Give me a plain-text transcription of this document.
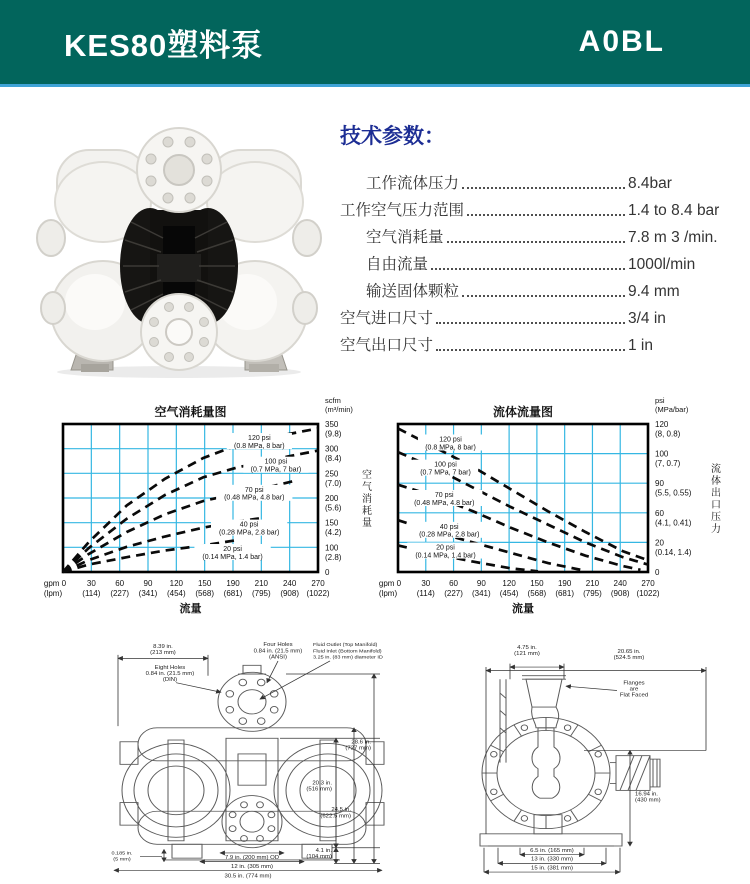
KES80塑料泵	A0BL
技术参数：
工作流体压力	8.4bar
工作空气压力范围	1.4 to 8.4 bar
空气消耗量	7.8 m 3 /min.
自由流量	1000l/min
输送固体颗粒	9.4 mm
空气进口尺寸	3/4 in
空气出口尺寸	1 in
120 psi
(0.8 MPa, 8 bar)
100 psi
(0.7 MPa, 7 bar)
70 psi
(0.48 MPa, 4.8 bar)
40 psi
(0.28 MPa, 2.8 bar)
20 psi
(0.14 MPa, 1.4 bar)
350
(9.8)
300
(8.4)
250
(7.0)
200
(5.6)
150
(4.2)
100
(2.8)
0
scfm
(m³/min)
空
气
消
耗
量
gpm 0
(lpm)
30
(114)
60
(227)
90
(341)
120
(454)
150
(568)
190
(681)
210
(795)
240
(908)
270
(1022)
流量
空气消耗量图
120 psi
(0.8 MPa, 8 bar)
100 psi
(0.7 MPa, 7 bar)
70 psi
(0.48 MPa, 4.8 bar)
40 psi
(0.28 MPa, 2.8 bar)
20 psi
(0.14 MPa, 1.4 bar)
120
(8, 0.8)
100
(7, 0.7)
90
(5.5, 0.55)
60
(4.1, 0.41)
20
(0.14, 1.4)
0
psi
(MPa/bar)
流
体
出
口
压
力
gpm 0
(lpm)
30
(114)
60
(227)
90
(341)
120
(454)
150
(568)
190
(681)
210
(795)
240
(908)
270
(1022)
流量
流体流量图
8.39 in.
(213 mm)
Four Holes
0.84 in. (21.5 mm)
(ANSI)
Eight Holes
0.84 in. (21.5 mm)
(DIN)
0.185 in.
(5 mm)	7.9 in. (200 mm) OD
12 in. (305 mm)
30.5 in. (774 mm)
Fluid Outlet (Top Manifold)
Fluid Inlet (Bottom Manifold)
3.25 in. (83 mm) diameter ID
20.3 in.
(516 mm)
24.5 in.
(622.5 mm)
28.6 in.
(727 mm)
4.1 in.
(104 mm)
4.75 in.
(121 mm)	20.65 in.
(524.5 mm)
Flanges
are
Flat Faced
6.5 in. (165 mm)
13 in. (330 mm)
15 in. (381 mm)
16.94 in.
(430 mm)
